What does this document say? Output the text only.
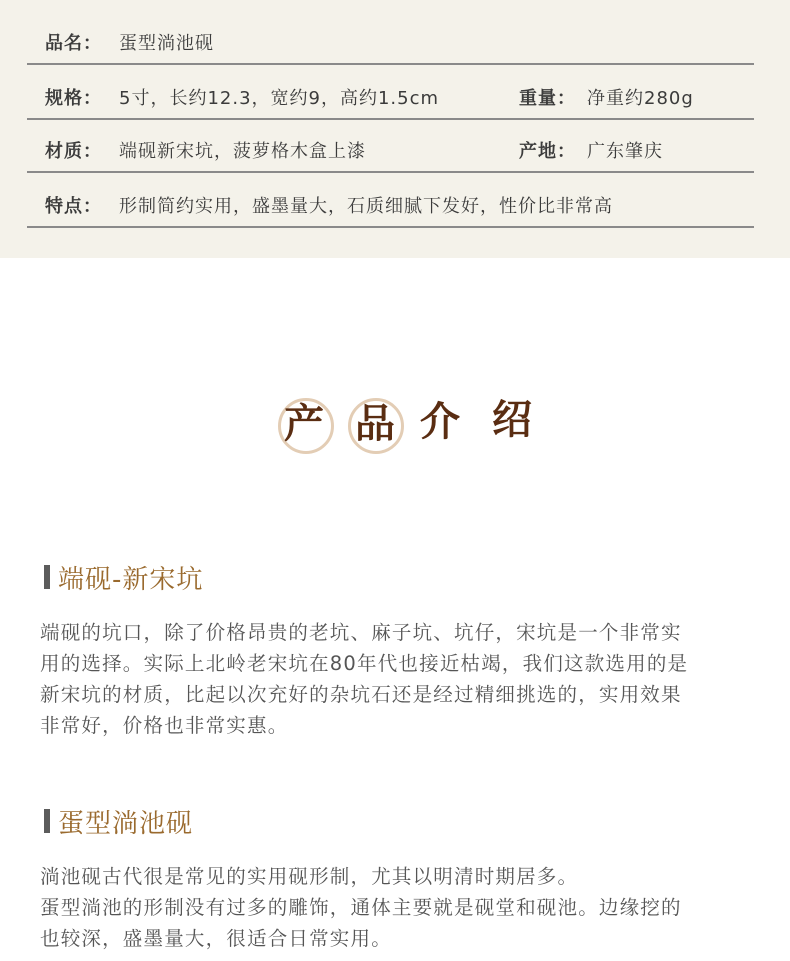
品名： 蛋型淌池砚
规格： 5寸，长约12.3，宽约9，高约1.5cm	重量： 净重约280g
材质： 端砚新宋坑，菠萝格木盒上漆	产地： 广东肇庆
特点： 形制简约实用，盛墨量大，石质细腻下发好，性价比非常高
产 品 介 绍
端砚-新宋坑

端砚的坑口，除了价格昂贵的老坑、麻子坑、坑仔，宋坑是一个非常实

用的选择。实际上北岭老宋坑在80年代也接近枯竭，我们这款选用的是

新宋坑的材质，比起以次充好的杂坑石还是经过精细挑选的，实用效果

非常好，价格也非常实惠。

蛋型淌池砚

淌池砚古代很是常见的实用砚形制，尤其以明清时期居多。

蛋型淌池的形制没有过多的雕饰，通体主要就是砚堂和砚池。边缘挖的

也较深，盛墨量大，很适合日常实用。
